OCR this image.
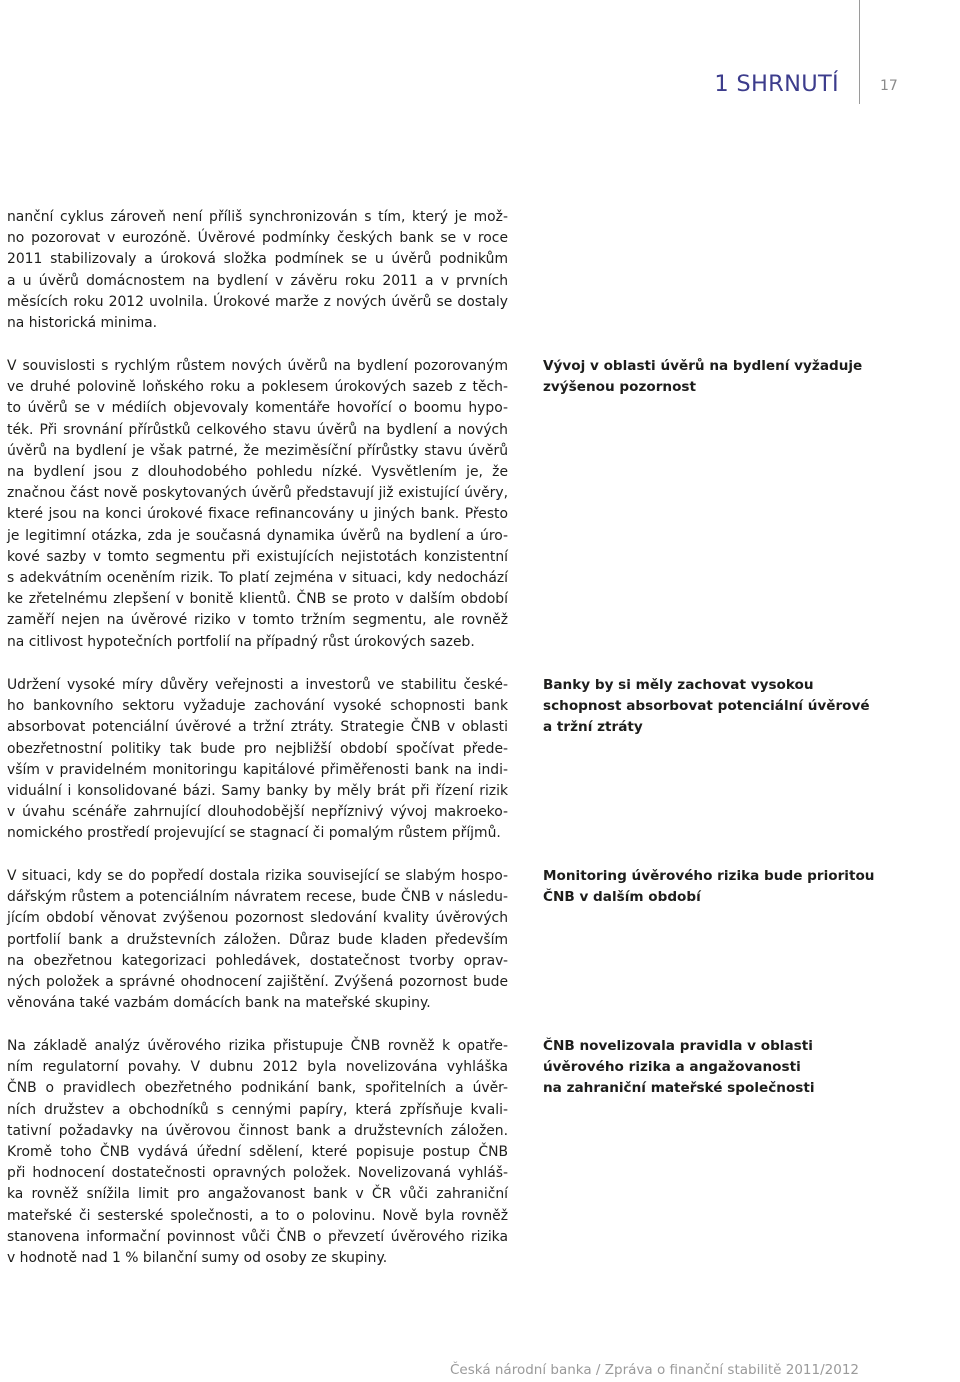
1 SHRNUTÍ	17
nanční cyklus zároveň není příliš synchronizován s tím, který je mož-
no pozorovat v eurozóně. Úvěrové podmínky českých bank se v roce
2011 stabilizovaly a úroková složka podmínek se u úvěrů podnikům
a u úvěrů domácnostem na bydlení v závěru roku 2011 a v prvních
měsících roku 2012 uvolnila. Úrokové marže z nových úvěrů se dostaly
na historická minima.
V souvislosti s rychlým růstem nových úvěrů na bydlení pozorovaným
ve druhé polovině loňského roku a poklesem úrokových sazeb z těch-
to úvěrů se v médiích objevovaly komentáře hovořící o boomu hypo-
ték. Při srovnání přírůstků celkového stavu úvěrů na bydlení a nových
úvěrů na bydlení je však patrné, že meziměsíční přírůstky stavu úvěrů
na bydlení jsou z dlouhodobého pohledu nízké. Vysvětlením je, že
značnou část nově poskytovaných úvěrů představují již existující úvěry,
které jsou na konci úrokové fixace refinancovány u jiných bank. Přesto
je legitimní otázka, zda je současná dynamika úvěrů na bydlení a úro-
kové sazby v tomto segmentu při existujících nejistotách konzistentní
s adekvátním oceněním rizik. To platí zejména v situaci, kdy nedochází
ke zřetelnému zlepšení v bonitě klientů. ČNB se proto v dalším období
zaměří nejen na úvěrové riziko v tomto tržním segmentu, ale rovněž
na citlivost hypotečních portfolií na případný růst úrokových sazeb.
Udržení vysoké míry důvěry veřejnosti a investorů ve stabilitu české-
ho bankovního sektoru vyžaduje zachování vysoké schopnosti bank
absorbovat potenciální úvěrové a tržní ztráty. Strategie ČNB v oblasti
obezřetnostní politiky tak bude pro nejbližší období spočívat přede-
vším v pravidelném monitoringu kapitálové přiměřenosti bank na indi-
viduální i konsolidované bázi. Samy banky by měly brát při řízení rizik
v úvahu scénáře zahrnující dlouhodobější nepříznivý vývoj makroeko-
nomického prostředí projevující se stagnací či pomalým růstem příjmů.
V situaci, kdy se do popředí dostala rizika související se slabým hospo-
dářským růstem a potenciálním návratem recese, bude ČNB v následu-
jícím období věnovat zvýšenou pozornost sledování kvality úvěrových
portfolií bank a družstevních záložen. Důraz bude kladen především
na obezřetnou kategorizaci pohledávek, dostatečnost tvorby oprav-
ných položek a správné ohodnocení zajištění. Zvýšená pozornost bude
věnována také vazbám domácích bank na mateřské skupiny.
Na základě analýz úvěrového rizika přistupuje ČNB rovněž k opatře-
ním regulatorní povahy. V dubnu 2012 byla novelizována vyhláška
ČNB o pravidlech obezřetného podnikání bank, spořitelních a úvěr-
ních družstev a obchodníků s cennými papíry, která zpřísňuje kvali-
tativní požadavky na úvěrovou činnost bank a družstevních záložen.
Kromě toho ČNB vydává úřední sdělení, které popisuje postup ČNB
při hodnocení dostatečnosti opravných položek. Novelizovaná vyhláš-
ka rovněž snížila limit pro angažovanost bank v ČR vůči zahraniční
mateřské či sesterské společnosti, a to o polovinu. Nově byla rovněž
stanovena informační povinnost vůči ČNB o převzetí úvěrového rizika
v hodnotě nad 1 % bilanční sumy od osoby ze skupiny.
Vývoj v oblasti úvěrů na bydlení vyžaduje
zvýšenou pozornost
Banky by si měly zachovat vysokou
schopnost absorbovat potenciální úvěrové
a tržní ztráty
Monitoring úvěrového rizika bude prioritou
ČNB v dalším období
ČNB novelizovala pravidla v oblasti
úvěrového rizika a angažovanosti
na zahraniční mateřské společnosti
Česká národní banka / Zpráva o finanční stabilitě 2011/2012
